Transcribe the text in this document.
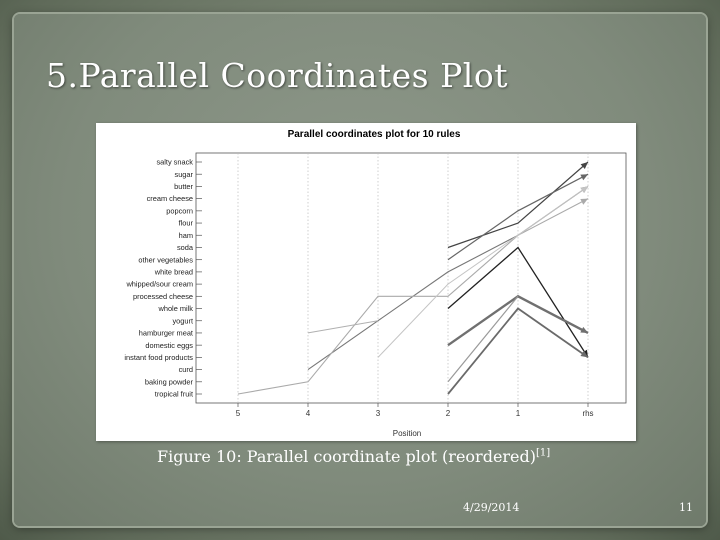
5.Parallel Coordinates Plot
Parallel coordinates plot for 10 rules
salty snack
sugar
butter
cream cheese
popcorn
flour
ham
soda
other vegetables
white bread
whipped/sour cream
processed cheese
whole milk
yogurt
hamburger meat
domestic eggs
instant food products
curd
baking powder
tropical fruit
5	4	3	2	1	rhs
Position
Figure 10: Parallel coordinate plot (reordered)[1]
4/29/2014	11
